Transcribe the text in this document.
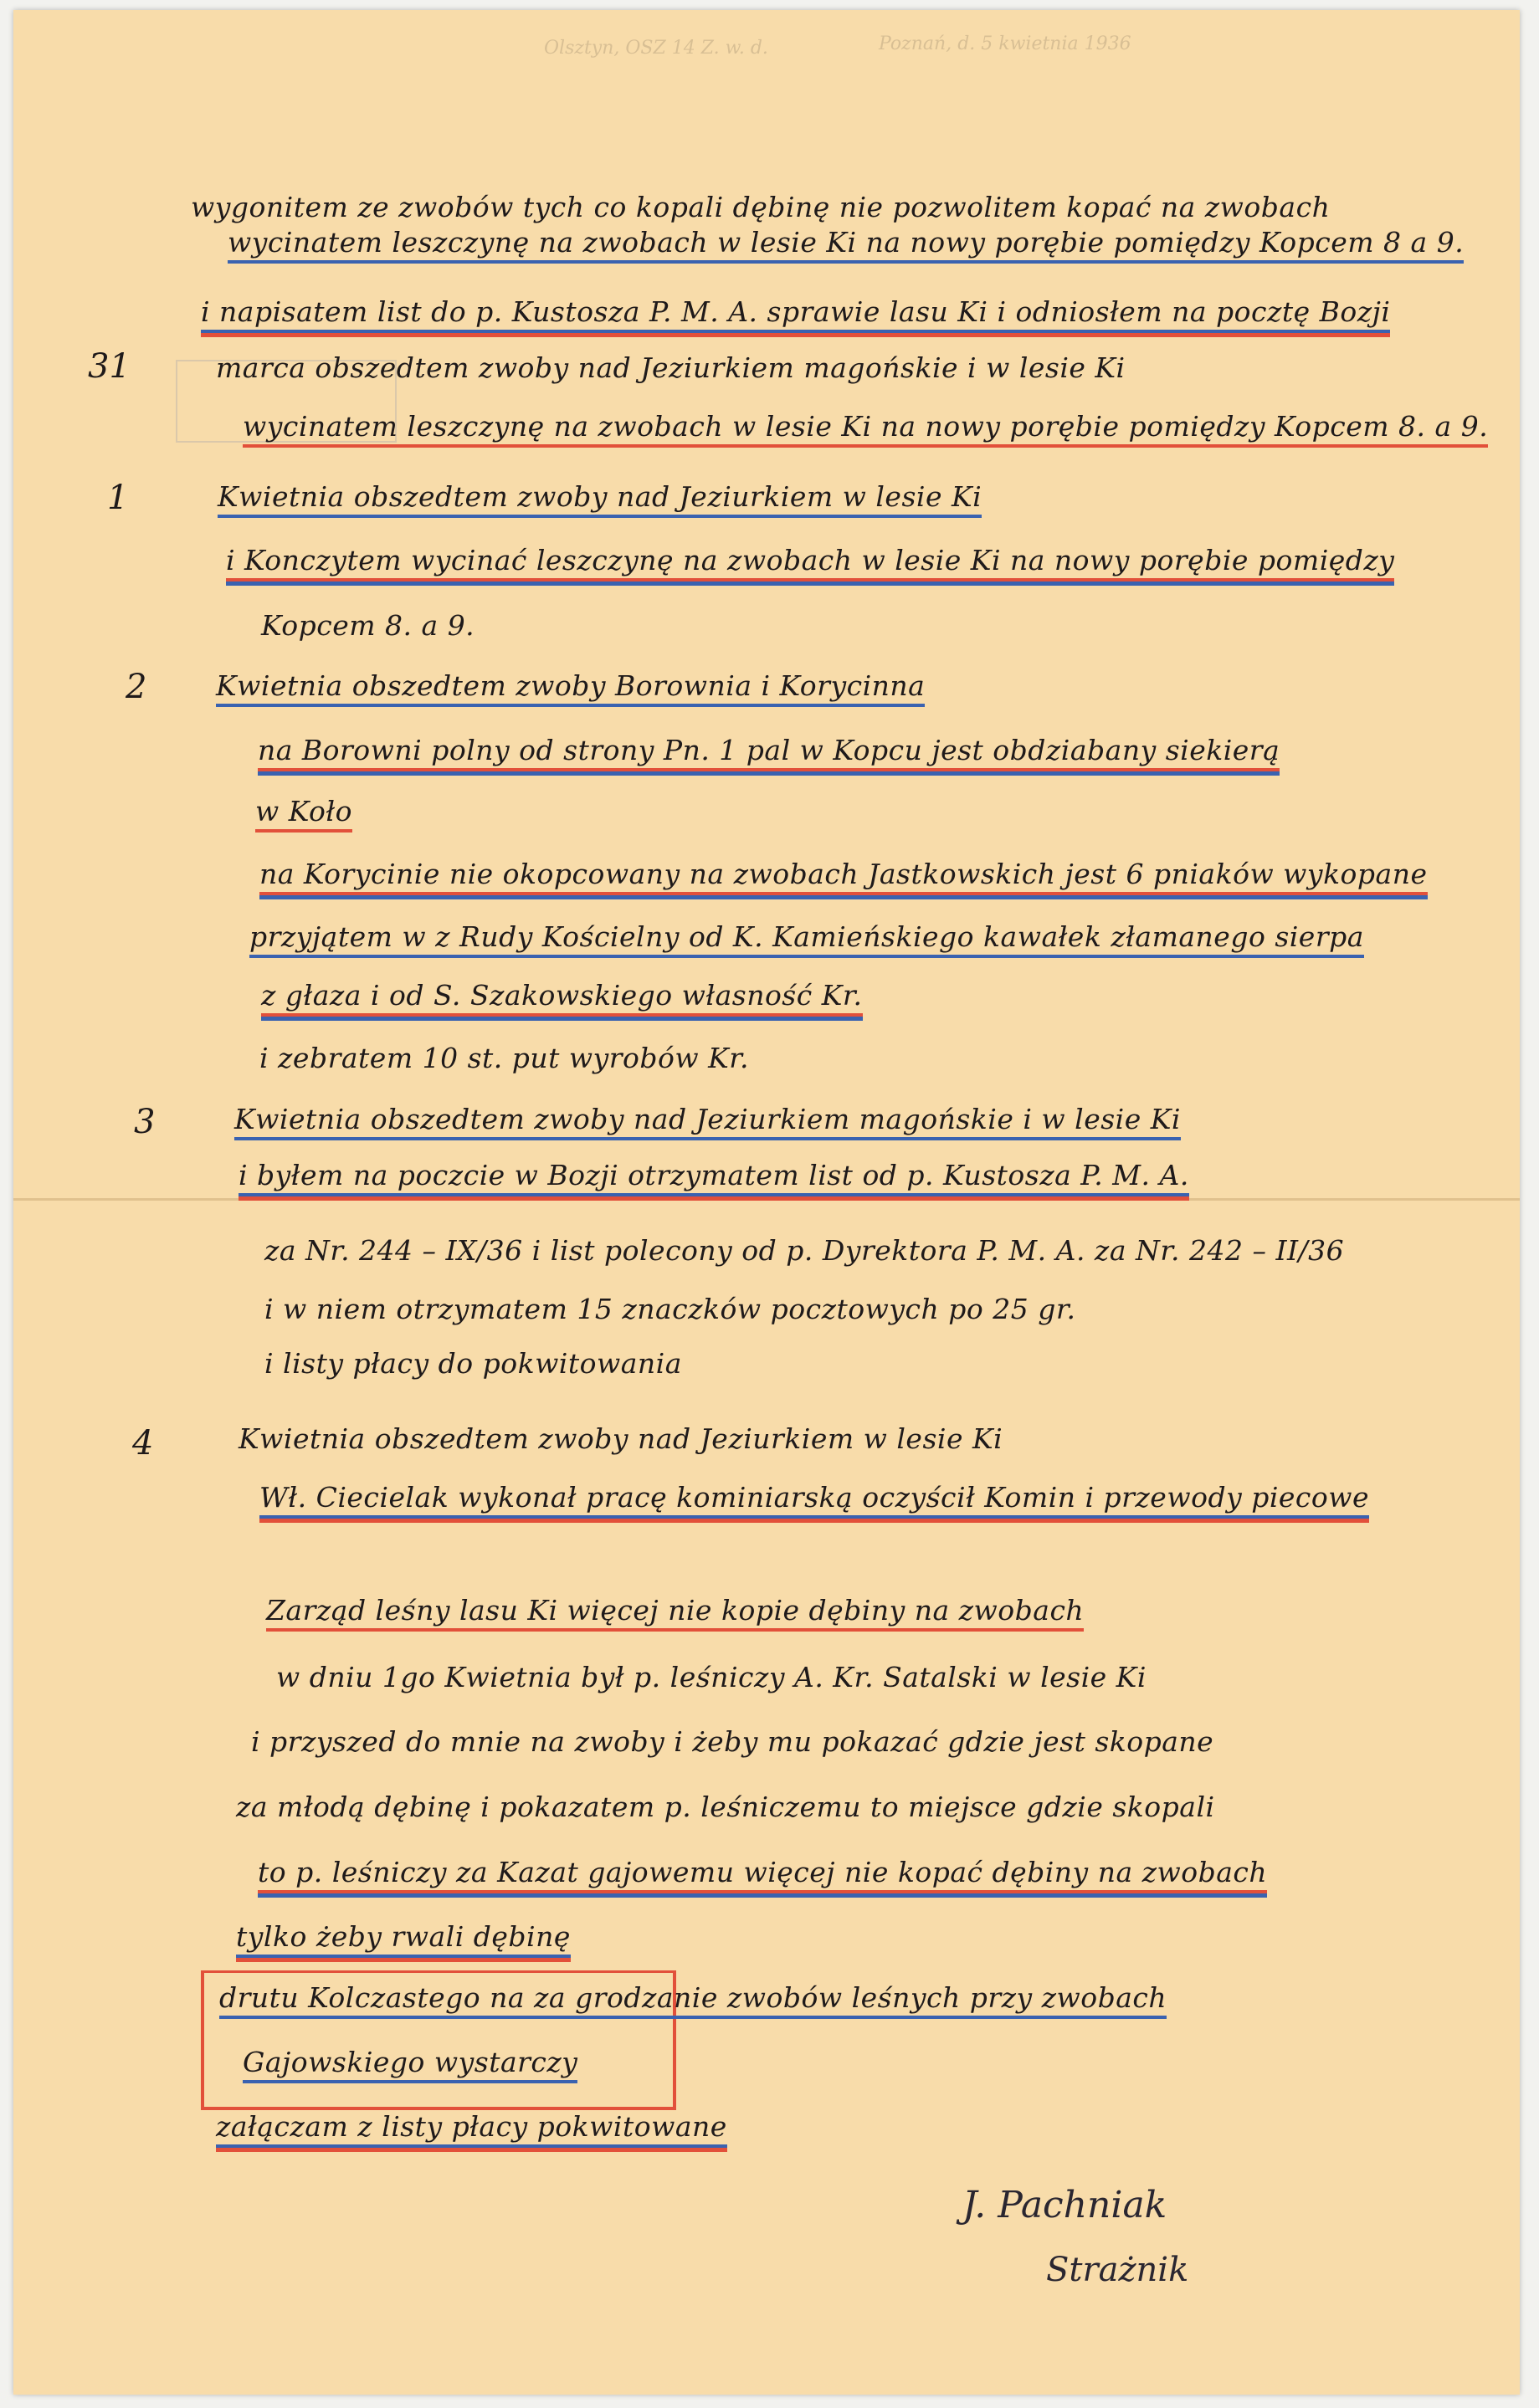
Poznań, d. 5 kwietnia 1936
Olsztyn, OSZ 14 Z. w. d.
31
1
2
3
4
wygonitem ze zwobów tych co kopali dębinę nie pozwolitem kopać na zwobach
wycinatem leszczynę na zwobach w lesie Ki na nowy porębie pomiędzy Kopcem 8 a 9.
i napisatem list do p. Kustosza P. M. A. sprawie lasu Ki i odniosłem na pocztę Bozji
marca obszedtem zwoby nad Jeziurkiem magońskie i w lesie Ki
wycinatem leszczynę na zwobach w lesie Ki na nowy porębie pomiędzy Kopcem 8. a 9.
Kwietnia obszedtem zwoby nad Jeziurkiem w lesie Ki
i Konczytem wycinać leszczynę na zwobach w lesie Ki na nowy porębie pomiędzy
Kopcem 8. a 9.
Kwietnia obszedtem zwoby Borownia i Korycinna
na Borowni polny od strony Pn. 1 pal w Kopcu jest obdziabany siekierą
w Koło
na Korycinie nie okopcowany na zwobach Jastkowskich jest 6 pniaków wykopane
przyjątem w z Rudy Kościelny od K. Kamieńskiego kawałek złamanego sierpa
z głaza i od S. Szakowskiego własność Kr.
i zebratem 10 st. put wyrobów Kr.
Kwietnia obszedtem zwoby nad Jeziurkiem magońskie i w lesie Ki
i byłem na poczcie w Bozji otrzymatem list od p. Kustosza P. M. A.
za Nr. 244 – IX/36 i list polecony od p. Dyrektora P. M. A. za Nr. 242 – II/36
i w niem otrzymatem 15 znaczków pocztowych po 25 gr.
i listy płacy do pokwitowania
Kwietnia obszedtem zwoby nad Jeziurkiem w lesie Ki
Wł. Ciecielak wykonał pracę kominiarską oczyścił Komin i przewody piecowe
Zarząd leśny lasu Ki więcej nie kopie dębiny na zwobach
w dniu 1go Kwietnia był p. leśniczy A. Kr. Satalski w lesie Ki
i przyszed do mnie na zwoby i żeby mu pokazać gdzie jest skopane
za młodą dębinę i pokazatem p. leśniczemu to miejsce gdzie skopali
to p. leśniczy za Kazat gajowemu więcej nie kopać dębiny na zwobach
tylko żeby rwali dębinę
drutu Kolczastego na za grodzanie zwobów leśnych przy zwobach
Gajowskiego wystarczy
załączam z listy płacy pokwitowane
J. Pachniak
Strażnik
